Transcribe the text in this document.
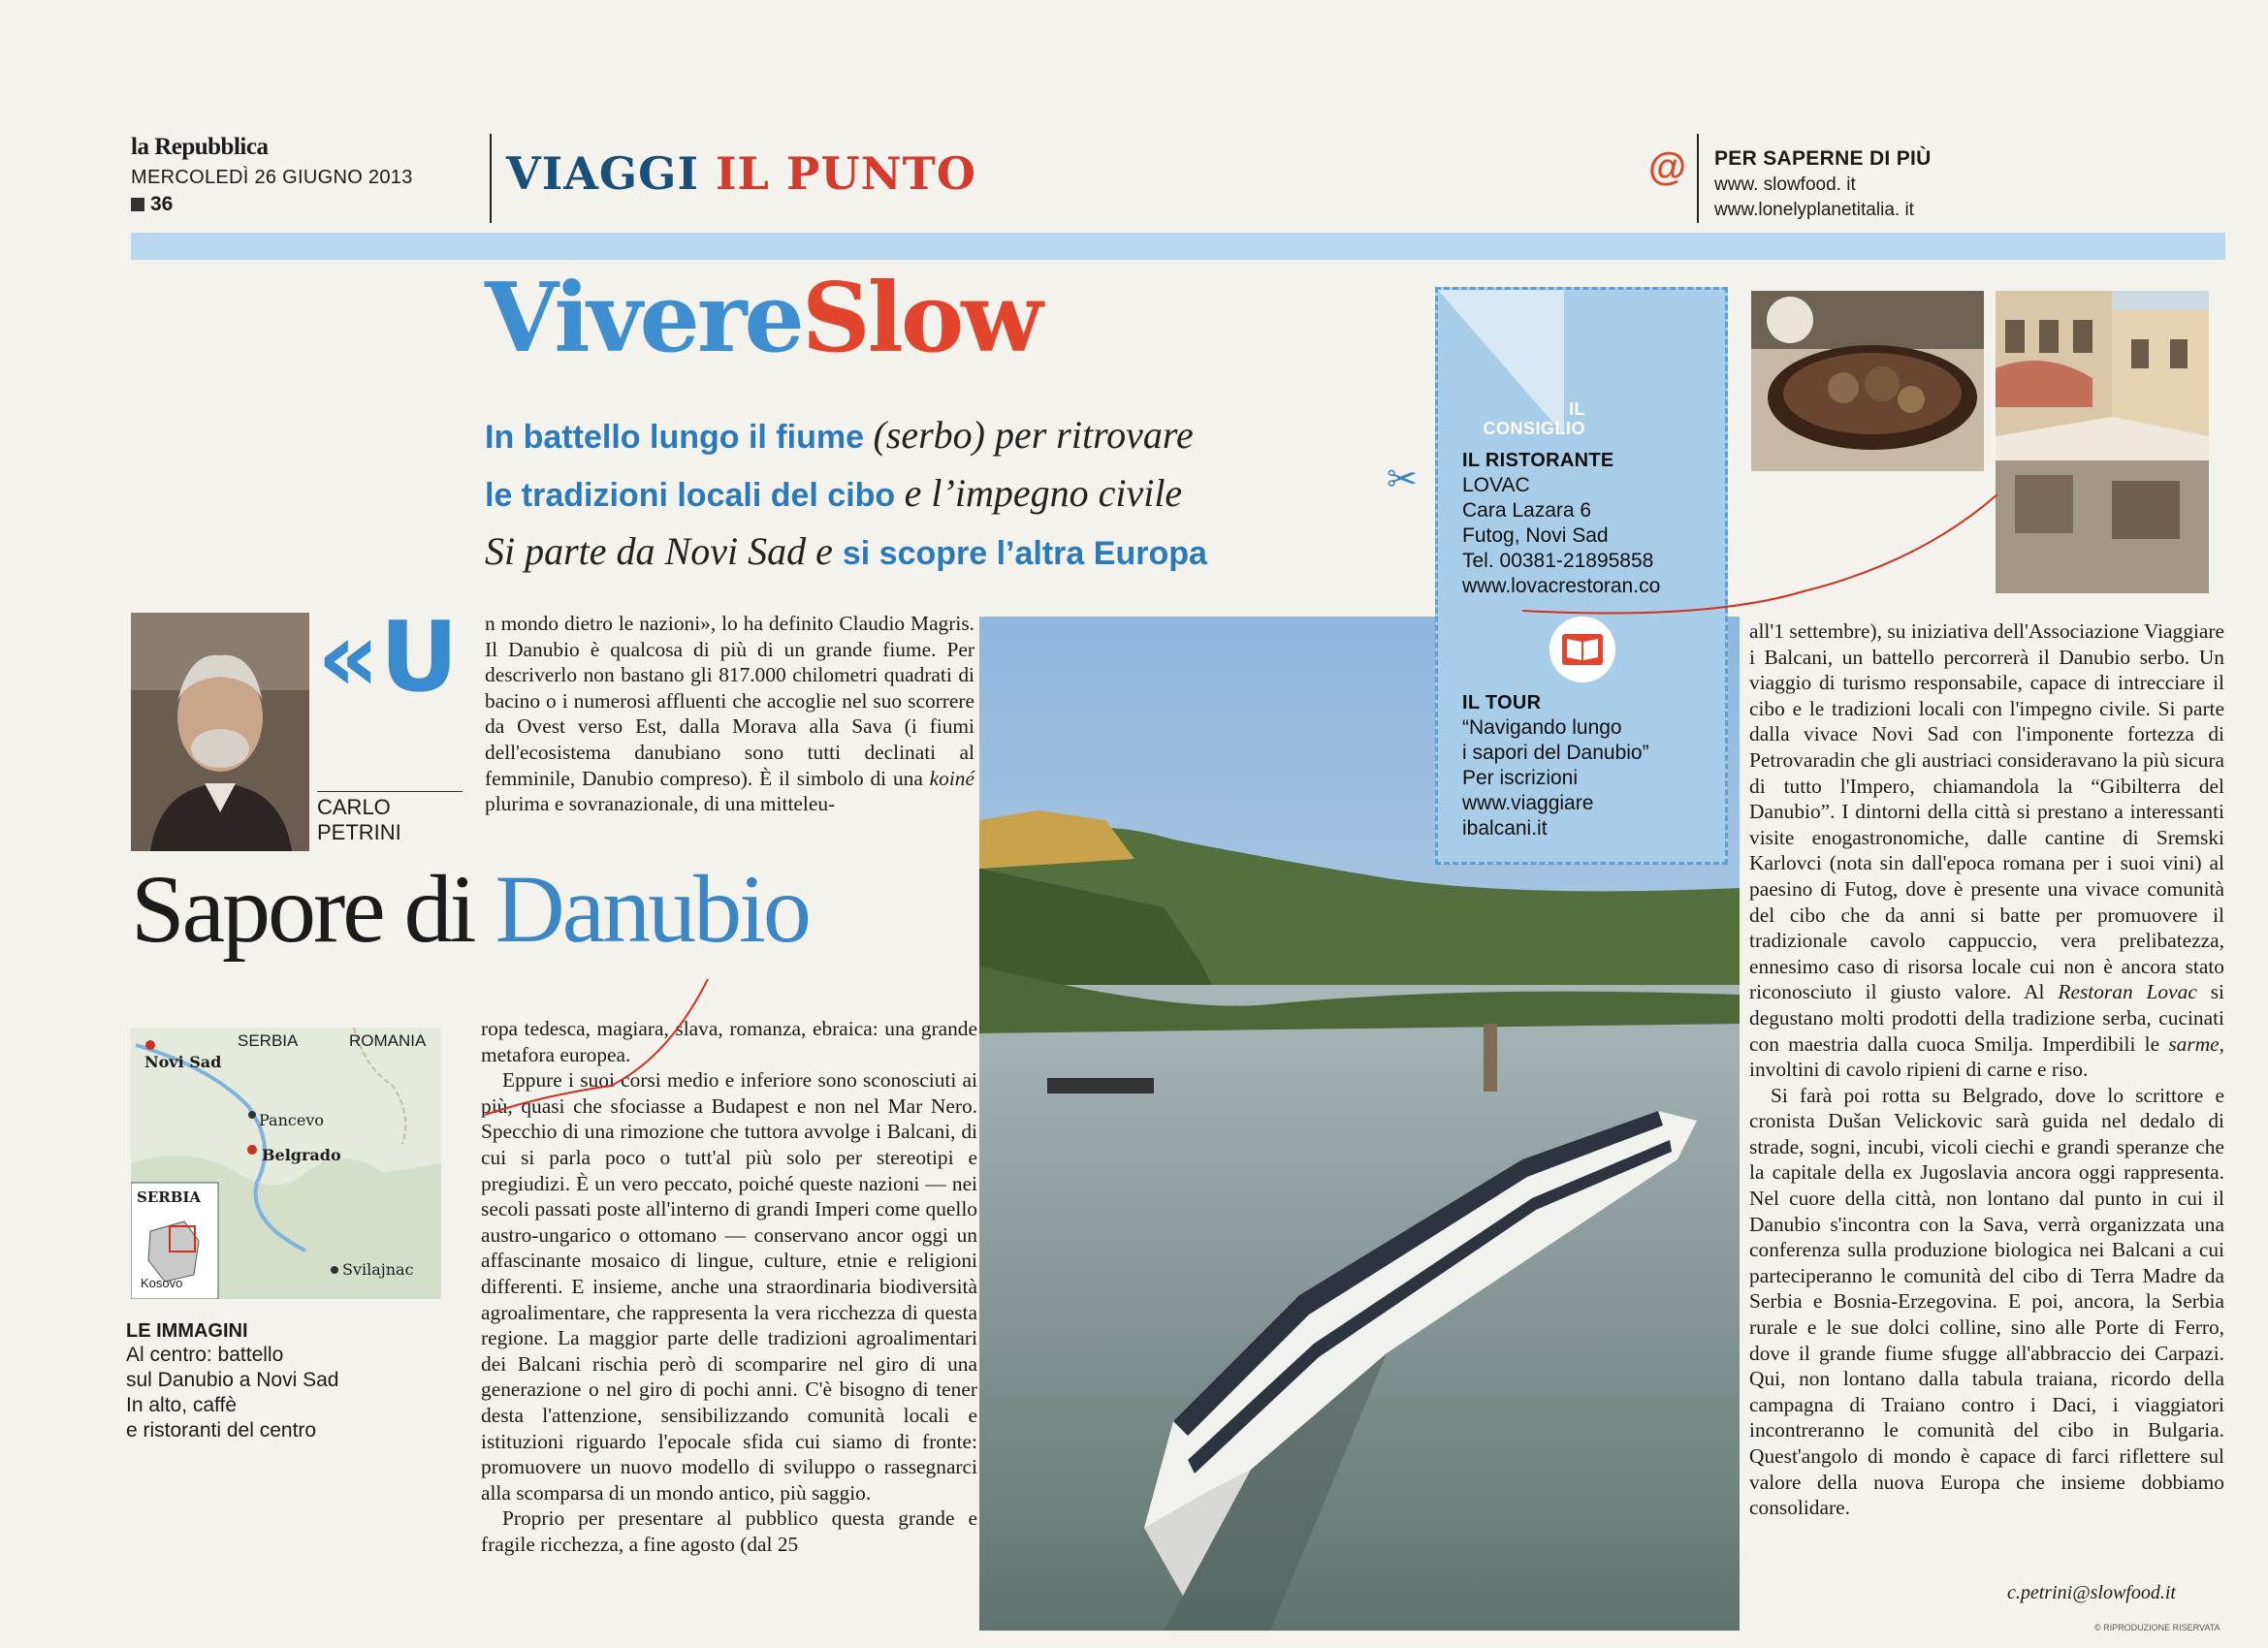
la Repubblica
MERCOLEDÌ 26 GIUGNO 2013
36
VIAGGI IL PUNTO	@ PER SAPERNE DI PIÙ
www. slowfood. it
www.lonelyplanetitalia. it
VivereSlow
In battello lungo il fiume (serbo) per ritrovare
le tradizioni locali del cibo e l’impegno civile
Si parte da Novi Sad e si scopre l’altra Europa
«U
CARLO
PETRINI
Sapore di Danubio
n mondo dietro le nazioni», lo ha definito Claudio Magris. Il Danubio è qualcosa di più di un grande fiume. Per descriverlo non bastano gli 817.000 chilometri quadrati di bacino o i numerosi affluenti che accoglie nel suo scorrere da Ovest verso Est, dalla Morava alla Sava (i fiumi dell'ecosistema danubiano sono tutti declinati al femminile, Danubio compreso). È il simbolo di una koiné plurima e sovranazionale, di una mitteleu-

ropa tedesca, magiara, slava, romanza, ebraica: una grande metafora europea.

Eppure i suoi corsi medio e inferiore sono sconosciuti ai più, quasi che sfociasse a Budapest e non nel Mar Nero. Specchio di una rimozione che tuttora avvolge i Balcani, di cui si parla poco o tutt'al più solo per stereotipi e pregiudizi. È un vero peccato, poiché queste nazioni — nei secoli passati poste all'interno di grandi Imperi come quello austro-ungarico o ottomano — conservano ancor oggi un affascinante mosaico di lingue, culture, etnie e religioni differenti. E insieme, anche una straordinaria biodiversità agroalimentare, che rappresenta la vera ricchezza di questa regione. La maggior parte delle tradizioni agroalimentari dei Balcani rischia però di scomparire nel giro di una generazione o nel giro di pochi anni. C'è bisogno di tener desta l'attenzione, sensibilizzando comunità locali e istituzioni riguardo l'epocale sfida cui siamo di fronte: promuovere un nuovo modello di sviluppo o rassegnarci alla scomparsa di un mondo antico, più saggio.

Proprio per presentare al pubblico questa grande e fragile ricchezza, a fine agosto (dal 25

SERBIA	ROMANIA
Novi Sad
Pancevo
Belgrado
SERBIA
Kosovo
Svilajnac
LE IMMAGINI
Al centro: battello
sul Danubio a Novi Sad
In alto, caffè
e ristoranti del centro
IL
CONSIGLIO
✂ IL RISTORANTE
LOVAC
Cara Lazara 6
Futog, Novi Sad
Tel. 00381-21895858
www.lovacrestoran.co
IL TOUR
“Navigando lungo
i sapori del Danubio”
Per iscrizioni
www.viaggiare
ibalcani.it

all'1 settembre), su iniziativa dell'Associazione Viaggiare i Balcani, un battello percorrerà il Danubio serbo. Un viaggio di turismo responsabile, capace di intrecciare il cibo e le tradizioni locali con l'impegno civile. Si parte dalla vivace Novi Sad con l'imponente fortezza di Petrovaradin che gli austriaci consideravano la più sicura di tutto l'Impero, chiamandola la “Gibilterra del Danubio”. I dintorni della città si prestano a interessanti visite enogastronomiche, dalle cantine di Sremski Karlovci (nota sin dall'epoca romana per i suoi vini) al paesino di Futog, dove è presente una vivace comunità del cibo che da anni si batte per promuovere il tradizionale cavolo cappuccio, vera prelibatezza, ennesimo caso di risorsa locale cui non è ancora stato riconosciuto il giusto valore. Al Restoran Lovac si degustano molti prodotti della tradizione serba, cucinati con maestria dalla cuoca Smilja. Imperdibili le sarme, involtini di cavolo ripieni di carne e riso.

Si farà poi rotta su Belgrado, dove lo scrittore e cronista Dušan Velickovic sarà guida nel dedalo di strade, sogni, incubi, vicoli ciechi e grandi speranze che la capitale della ex Jugoslavia ancora oggi rappresenta. Nel cuore della città, non lontano dal punto in cui il Danubio s'incontra con la Sava, verrà organizzata una conferenza sulla produzione biologica nei Balcani a cui parteciperanno le comunità del cibo di Terra Madre da Serbia e Bosnia-Erzegovina. E poi, ancora, la Serbia rurale e le sue dolci colline, sino alle Porte di Ferro, dove il grande fiume sfugge all'abbraccio dei Carpazi. Qui, non lontano dalla tabula traiana, ricordo della campagna di Traiano contro i Daci, i viaggiatori incontreranno le comunità del cibo in Bulgaria. Quest'angolo di mondo è capace di farci riflettere sul valore della nuova Europa che insieme dobbiamo consolidare.

c.petrini@slowfood.it
© RIPRODUZIONE RISERVATA
